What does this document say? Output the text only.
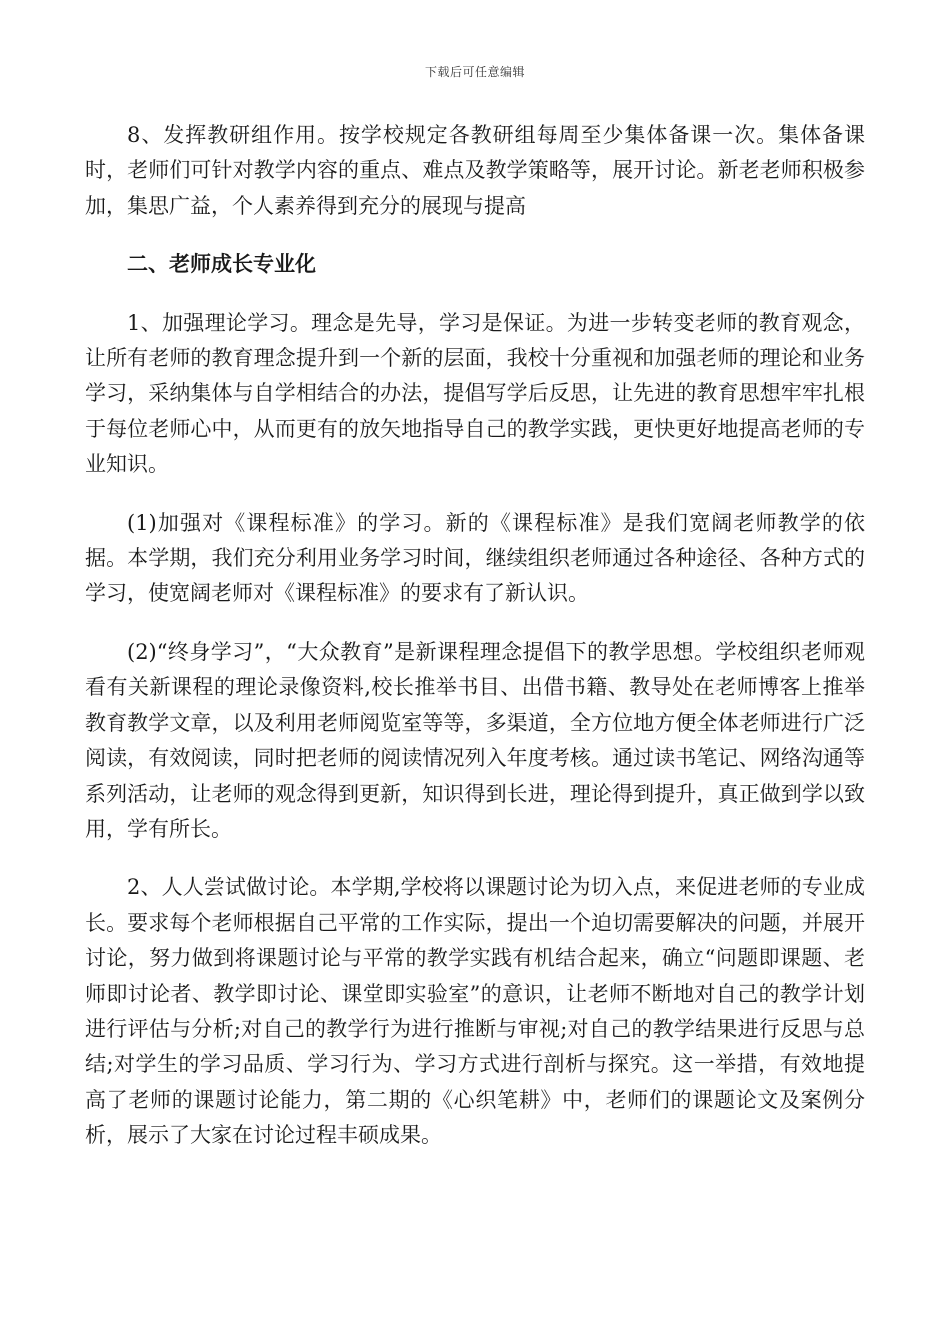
下载后可任意编辑

8、发挥教研组作用。按学校规定各教研组每周至少集体备课一次。集体备课时，老师们可针对教学内容的重点、难点及教学策略等，展开讨论。新老老师积极参加，集思广益，个人素养得到充分的展现与提高

二、老师成长专业化

1、加强理论学习。理念是先导，学习是保证。为进一步转变老师的教育观念，让所有老师的教育理念提升到一个新的层面，我校十分重视和加强老师的理论和业务学习，采纳集体与自学相结合的办法，提倡写学后反思，让先进的教育思想牢牢扎根于每位老师心中，从而更有的放矢地指导自己的教学实践，更快更好地提高老师的专业知识。

(1)加强对《课程标准》的学习。新的《课程标准》是我们宽阔老师教学的依据。本学期，我们充分利用业务学习时间，继续组织老师通过各种途径、各种方式的学习，使宽阔老师对《课程标准》的要求有了新认识。

(2)“终身学习”，“大众教育”是新课程理念提倡下的教学思想。学校组织老师观看有关新课程的理论录像资料,校长推举书目、出借书籍、教导处在老师博客上推举教育教学文章，以及利用老师阅览室等等，多渠道，全方位地方便全体老师进行广泛阅读，有效阅读，同时把老师的阅读情况列入年度考核。通过读书笔记、网络沟通等系列活动，让老师的观念得到更新，知识得到长进，理论得到提升，真正做到学以致用，学有所长。

2、人人尝试做讨论。本学期,学校将以课题讨论为切入点，来促进老师的专业成长。要求每个老师根据自己平常的工作实际，提出一个迫切需要解决的问题，并展开讨论，努力做到将课题讨论与平常的教学实践有机结合起来，确立“问题即课题、老师即讨论者、教学即讨论、课堂即实验室”的意识，让老师不断地对自己的教学计划进行评估与分析;对自己的教学行为进行推断与审视;对自己的教学结果进行反思与总结;对学生的学习品质、学习行为、学习方式进行剖析与探究。这一举措，有效地提高了老师的课题讨论能力，第二期的《心织笔耕》中，老师们的课题论文及案例分析，展示了大家在讨论过程丰硕成果。
